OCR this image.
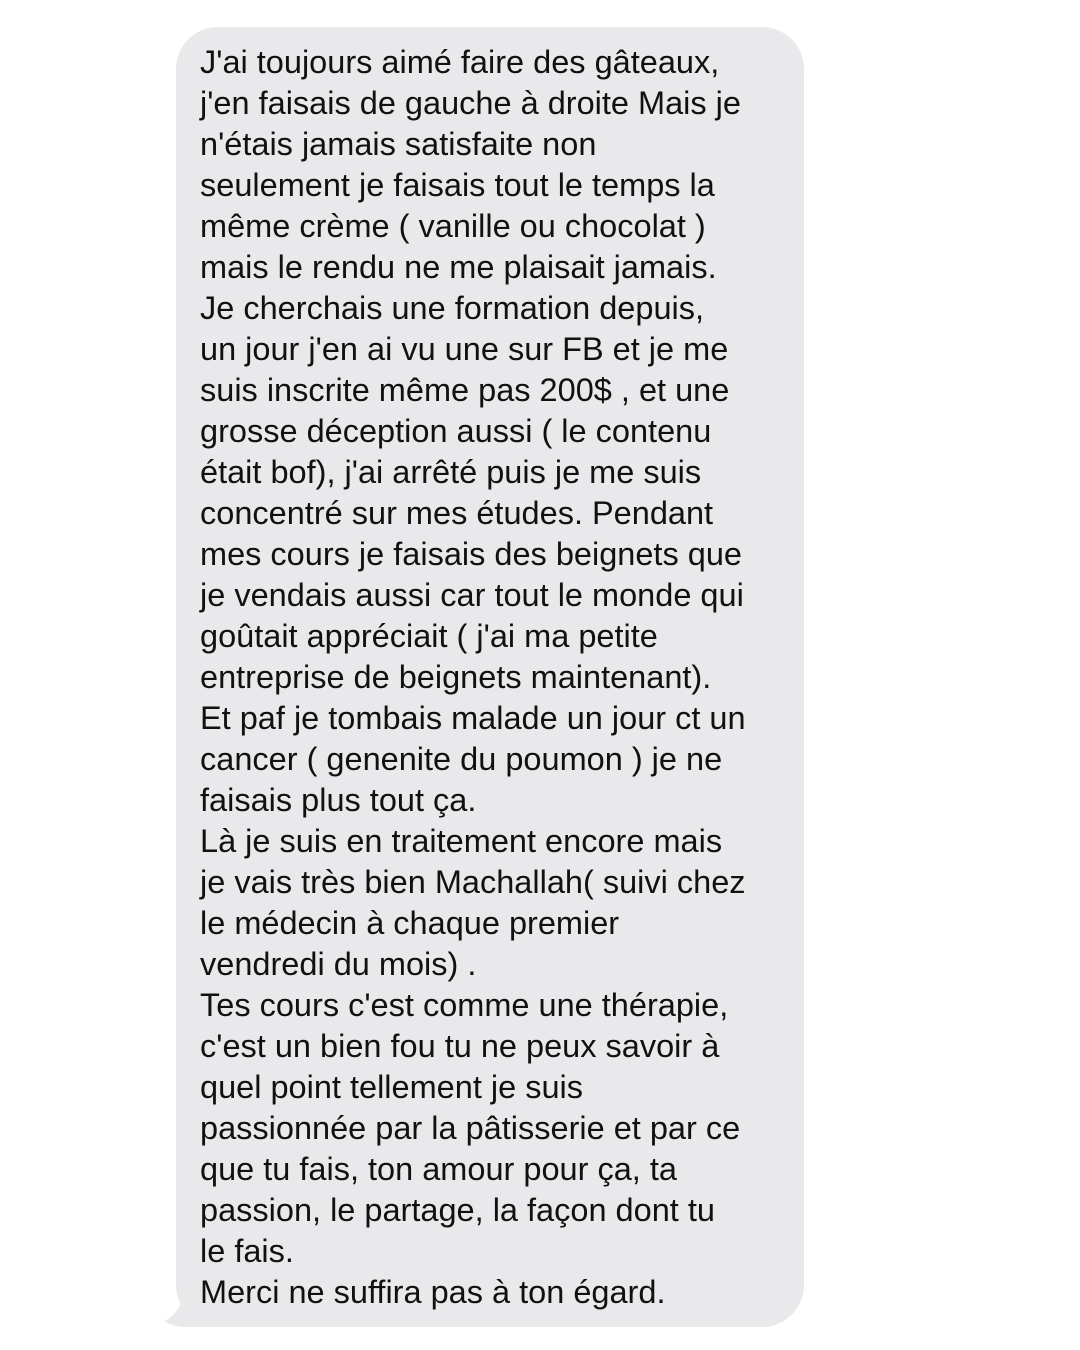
J'ai toujours aimé faire des gâteaux,
j'en faisais de gauche à droite Mais je
n'étais jamais satisfaite non
seulement je faisais tout le temps la
même crème ( vanille ou chocolat )
mais le rendu ne me plaisait jamais.
Je cherchais une formation depuis,
un jour j'en ai vu une sur FB et je me
suis inscrite même pas 200$ , et une
grosse déception aussi ( le contenu
était bof), j'ai arrêté puis je me suis
concentré sur mes études. Pendant
mes cours je faisais des beignets que
je vendais aussi car tout le monde qui
goûtait appréciait ( j'ai ma petite
entreprise de beignets maintenant).
Et paf je tombais malade un jour ct un
cancer ( genenite du poumon ) je ne
faisais plus tout ça.
Là je suis en traitement encore mais
je vais très bien Machallah( suivi chez
le médecin à chaque premier
vendredi du mois) .
Tes cours c'est comme une thérapie,
c'est un bien fou tu ne peux savoir à
quel point tellement je suis
passionnée par la pâtisserie et par ce
que tu fais, ton amour pour ça, ta
passion, le partage, la façon dont tu
le fais.
Merci ne suffira pas à ton égard.
